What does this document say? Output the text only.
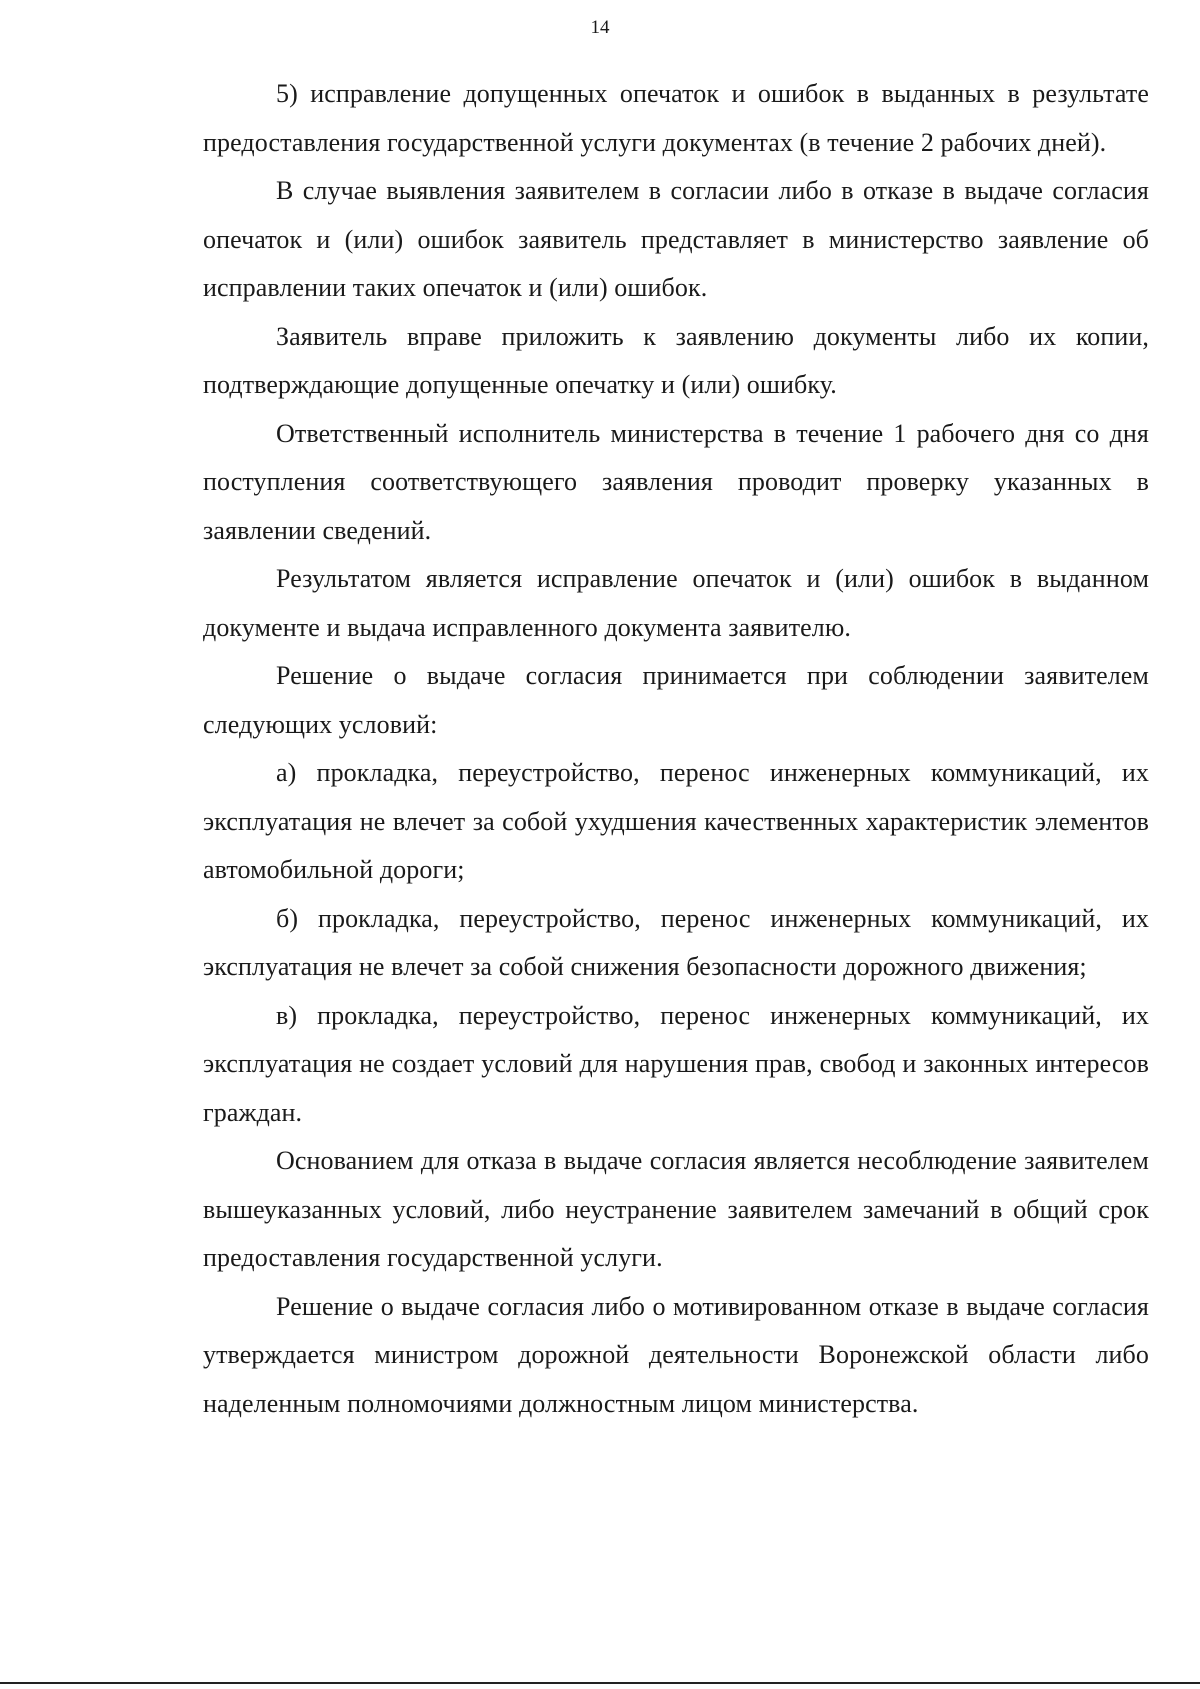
14

5) исправление допущенных опечаток и ошибок в выданных в результате предоставления государственной услуги документах (в течение 2 рабочих дней).

В случае выявления заявителем в согласии либо в отказе в выдаче согласия опечаток и (или) ошибок заявитель представляет в министерство заявление об исправлении таких опечаток и (или) ошибок.

Заявитель вправе приложить к заявлению документы либо их копии, подтверждающие допущенные опечатку и (или) ошибку.

Ответственный исполнитель министерства в течение 1 рабочего дня со дня поступления соответствующего заявления проводит проверку указанных в заявлении сведений.

Результатом является исправление опечаток и (или) ошибок в выданном документе и выдача исправленного документа заявителю.

Решение о выдаче согласия принимается при соблюдении заявителем следующих условий:

а) прокладка, переустройство, перенос инженерных коммуникаций, их эксплуатация не влечет за собой ухудшения качественных характеристик элементов автомобильной дороги;

б) прокладка, переустройство, перенос инженерных коммуникаций, их эксплуатация не влечет за собой снижения безопасности дорожного движения;

в) прокладка, переустройство, перенос инженерных коммуникаций, их эксплуатация не создает условий для нарушения прав, свобод и законных интересов граждан.

Основанием для отказа в выдаче согласия является несоблюдение заявителем вышеуказанных условий, либо неустранение заявителем замечаний в общий срок предоставления государственной услуги.

Решение о выдаче согласия либо о мотивированном отказе в выдаче согласия утверждается министром дорожной деятельности Воронежской области либо наделенным полномочиями должностным лицом министерства.
